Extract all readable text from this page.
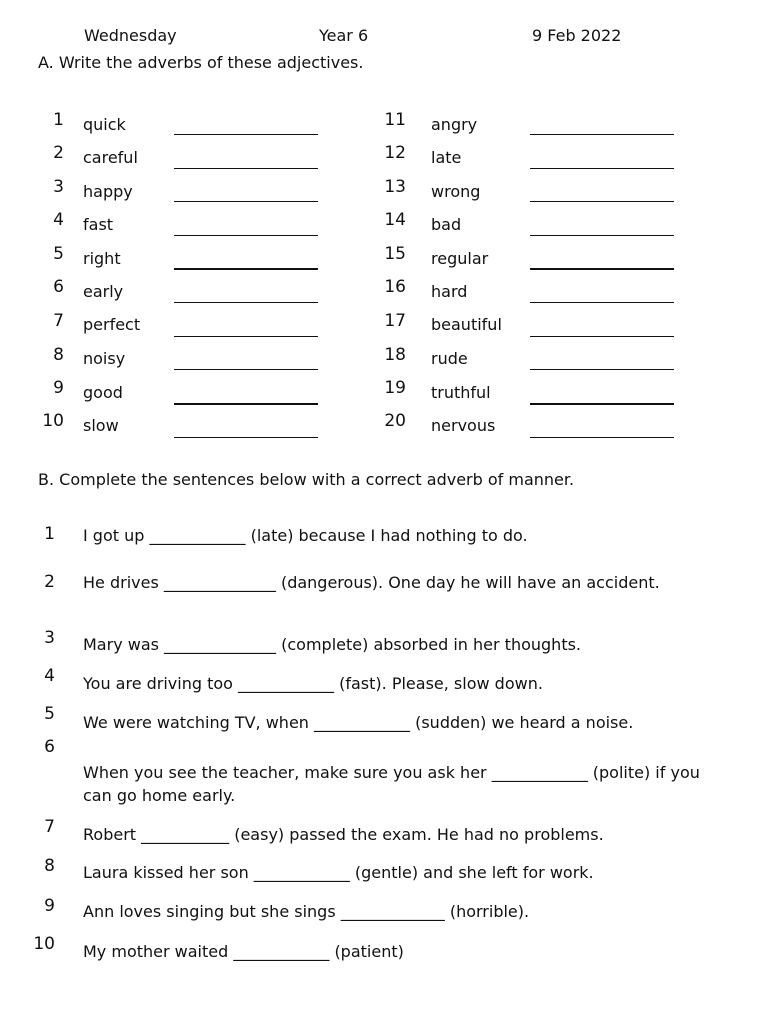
Wednesday	Year 6	9 Feb 2022
A. Write the adverbs of these adjectives.
1 quick
2 careful
3 happy
4 fast
5 right
6 early
7 perfect
8 noisy
9 good
10 slow
11 angry
12 late
13 wrong
14 bad
15 regular
16 hard
17 beautiful
18 rude
19 truthful
20 nervous
B. Complete the sentences below with a correct adverb of manner.
1 I got up ____________ (late) because I had nothing to do.
2 He drives ______________ (dangerous). One day he will have an accident.
3 Mary was ______________ (complete) absorbed in her thoughts.
4 You are driving too ____________ (fast). Please, slow down.
5 We were watching TV, when ____________ (sudden) we heard a noise.
6
When you see the teacher, make sure you ask her ____________ (polite) if you can go home early.
7 Robert ___________ (easy) passed the exam. He had no problems.
8 Laura kissed her son ____________ (gentle) and she left for work.
9 Ann loves singing but she sings _____________ (horrible).
10 My mother waited ____________ (patient)
